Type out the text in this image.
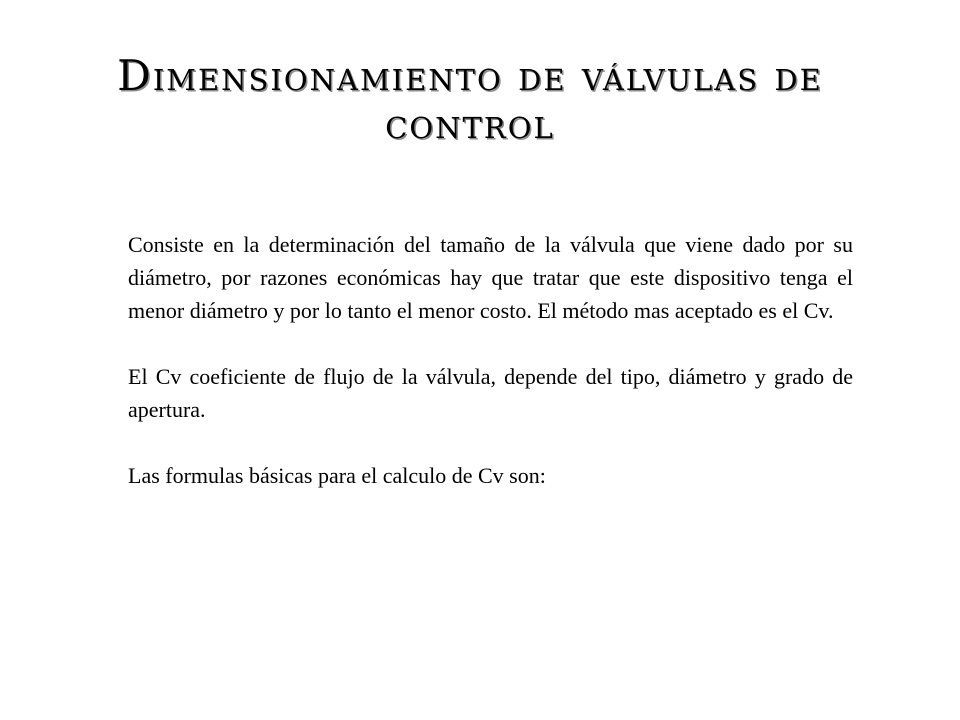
Dimensionamiento de válvulas de control

Consiste en la determinación del tamaño de la válvula que viene dado por su diámetro, por razones económicas hay que tratar que este dispositivo tenga el menor diámetro y por lo tanto el menor costo. El método mas aceptado es el Cv.

El Cv coeficiente de flujo de la válvula, depende del tipo, diámetro y grado de apertura.

Las formulas básicas para el calculo de Cv son:
